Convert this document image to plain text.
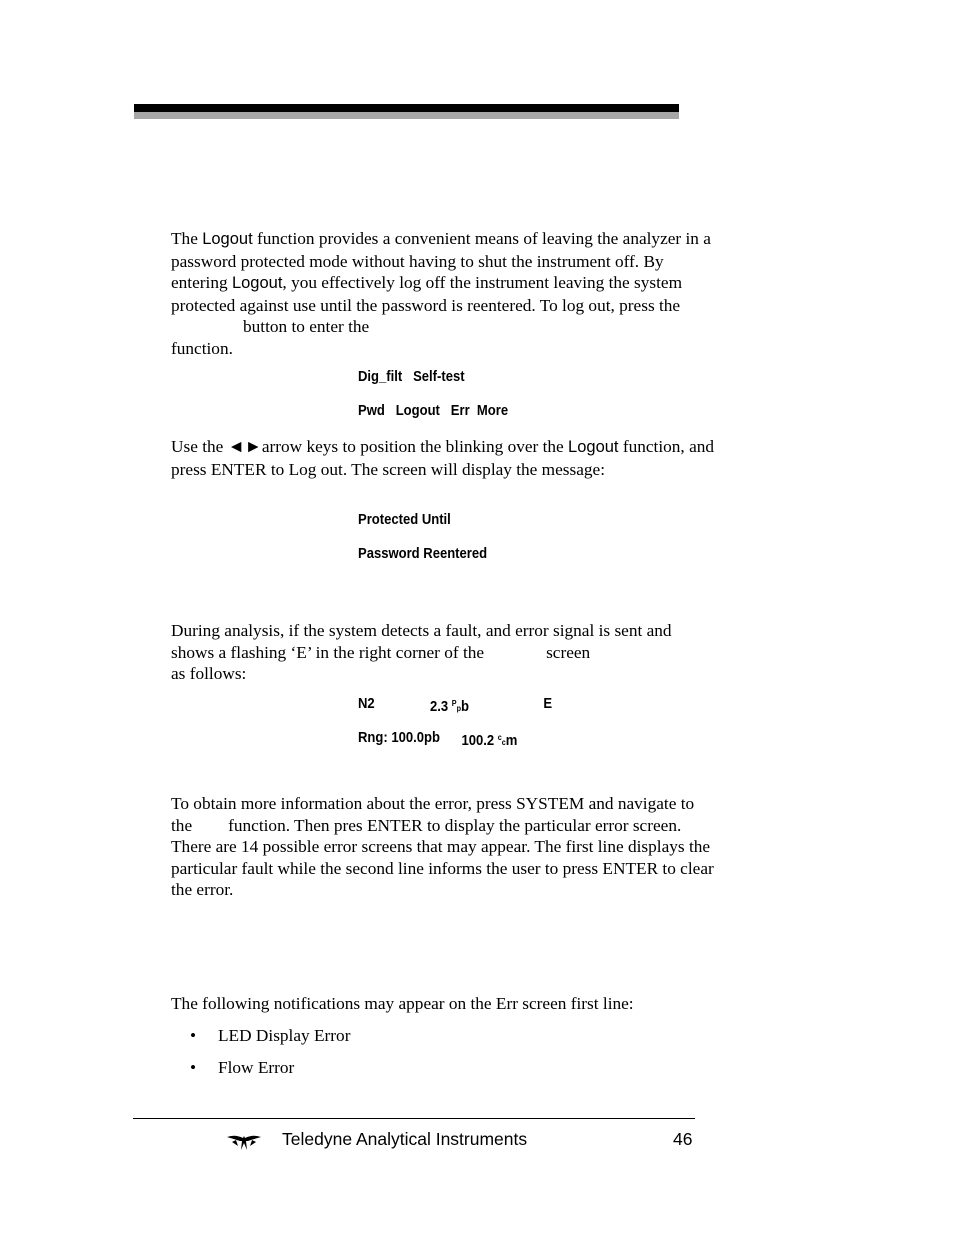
The Logout function provides a convenient means of leaving the analyzer in a password protected mode without having to shut the instrument off. By entering Logout, you effectively log off the instrument leaving the system protected against use until the password is reentered. To log out, press thebutton to enter the
function.

Dig_filt   Self-test
Pwd   Logout   Err  More

Use the ◄►arrow keys to position the blinking over the Logout function, and press ENTER to Log out. The screen will display the message:

Protected Until
Password Reentered

During analysis, if the system detects a fault, and error signal is sent and shows a flashing ‘E’ in the right corner of the	screen
as follows:

N2	2.3 $^P$pb	E
Rng: 100.0pb 100.2 $^c$cm

To obtain more information about the error, press SYSTEM and navigate to the function. Then pres ENTER to display the particular error screen. There are 14 possible error screens that may appear. The first line displays the particular fault while the second line informs the user to press ENTER to clear the error.

The following notifications may appear on the Err screen first line:

• LED Display Error
• Flow Error
Teledyne Analytical Instruments	46
